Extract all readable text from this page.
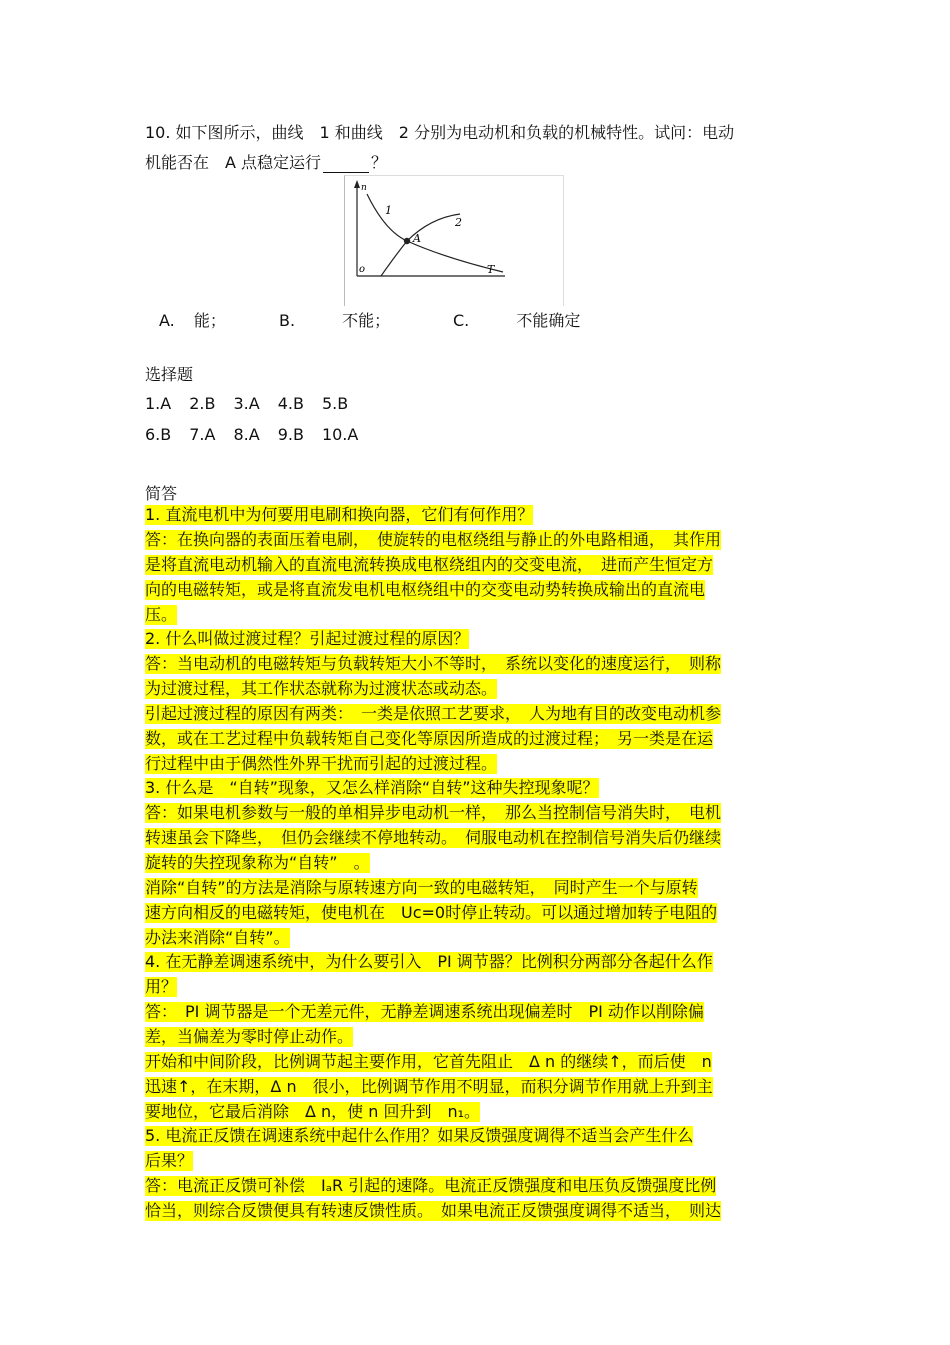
10. 如下图所示，曲线　1 和曲线　2 分别为电动机和负载的机械特性。试问：电动
机能否在　A 点稳定运行	？
n
1
2
A
o	T
A. 能；	B.	不能；	C.	不能确定
选择题
1.A 2.B 3.A 4.B 5.B
6.B 7.A 8.A 9.B 10.A
简答
1. 直流电机中为何要用电刷和换向器，它们有何作用？
答：在换向器的表面压着电刷，　使旋转的电枢绕组与静止的外电路相通，　其作用
是将直流电动机输入的直流电流转换成电枢绕组内的交变电流，　进而产生恒定方
向的电磁转矩，或是将直流发电机电枢绕组中的交变电动势转换成输出的直流电
压。
2. 什么叫做过渡过程？引起过渡过程的原因？
答：当电动机的电磁转矩与负载转矩大小不等时，　系统以变化的速度运行，　则称
为过渡过程，其工作状态就称为过渡状态或动态。
引起过渡过程的原因有两类：　一类是依照工艺要求，　人为地有目的改变电动机参
数，或在工艺过程中负载转矩自己变化等原因所造成的过渡过程；　另一类是在运
行过程中由于偶然性外界干扰而引起的过渡过程。
3. 什么是　“自转”现象，又怎么样消除“自转”这种失控现象呢？
答：如果电机参数与一般的单相异步电动机一样，　那么当控制信号消失时，　电机
转速虽会下降些，　但仍会继续不停地转动。　伺服电动机在控制信号消失后仍继续
旋转的失控现象称为“自转”　。
消除“自转”的方法是消除与原转速方向一致的电磁转矩，　同时产生一个与原转
速方向相反的电磁转矩，使电机在　Uc=0时停止转动。可以通过增加转子电阻的
办法来消除“自转”。
4. 在无静差调速系统中，为什么要引入　PI 调节器？比例积分两部分各起什么作
用？
答：　PI 调节器是一个无差元件，无静差调速系统出现偏差时　PI 动作以削除偏
差，当偏差为零时停止动作。
开始和中间阶段，比例调节起主要作用，它首先阻止　Δ n 的继续↑，而后使　n
迅速↑，在末期，Δ n　很小，比例调节作用不明显，而积分调节作用就上升到主
要地位，它最后消除　Δ n，使 n 回升到　n₁。
5. 电流正反馈在调速系统中起什么作用？如果反馈强度调得不适当会产生什么
后果？
答：电流正反馈可补偿　IₐR 引起的速降。电流正反馈强度和电压负反馈强度比例
恰当，则综合反馈便具有转速反馈性质。　如果电流正反馈强度调得不适当，　则达
